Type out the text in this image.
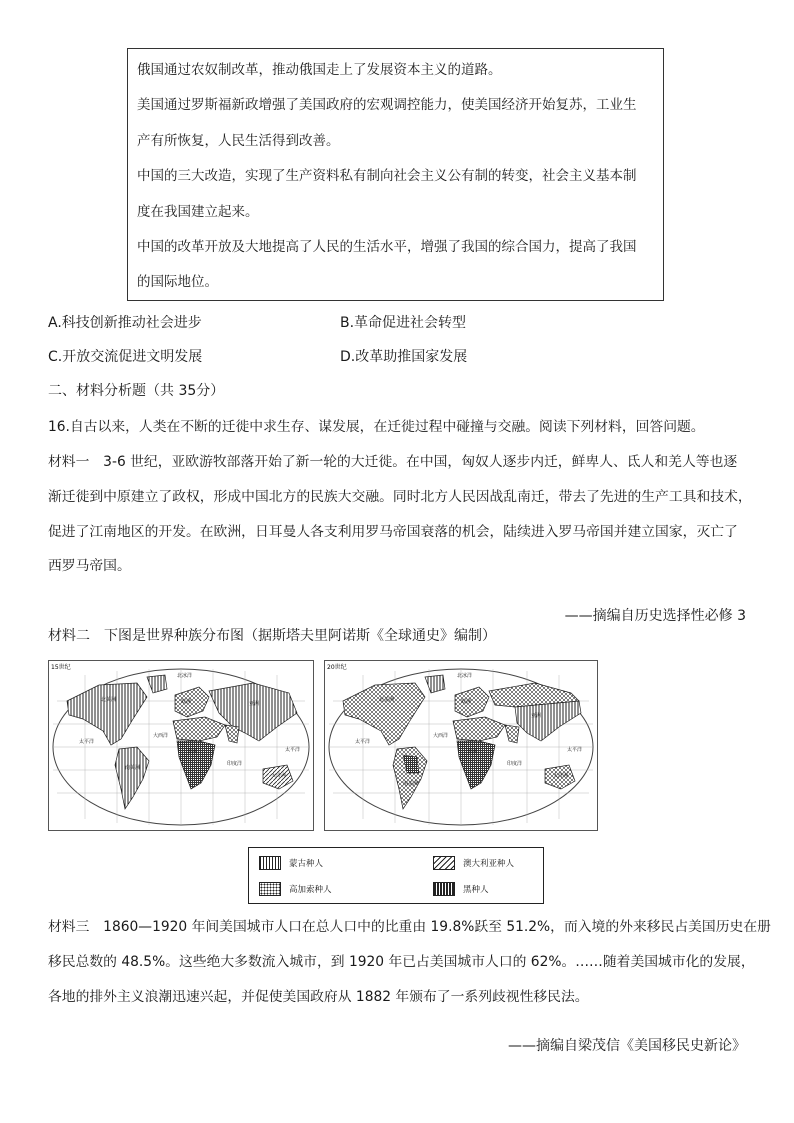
俄国通过农奴制改革，推动俄国走上了发展资本主义的道路。

美国通过罗斯福新政增强了美国政府的宏观调控能力，使美国经济开始复苏，工业生

产有所恢复，人民生活得到改善。

中国的三大改造，实现了生产资料私有制向社会主义公有制的转变，社会主义基本制

度在我国建立起来。

中国的改革开放及大地提高了人民的生活水平，增强了我国的综合国力，提高了我国

的国际地位。

A.科技创新推动社会进步	B.革命促进社会转型

C.开放交流促进文明发展	D.改革助推国家发展

二、材料分析题（共 35分）

16.自古以来，人类在不断的迁徙中求生存、谋发展，在迁徙过程中碰撞与交融。阅读下列材料，回答问题。

材料一　3-6 世纪，亚欧游牧部落开始了新一轮的大迁徙。在中国，匈奴人逐步内迁，鲜卑人、氐人和羌人等也逐

渐迁徙到中原建立了政权，形成中国北方的民族大交融。同时北方人民因战乱南迁，带去了先进的生产工具和技术，

促进了江南地区的开发。在欧洲，日耳曼人各支利用罗马帝国衰落的机会，陆续进入罗马帝国并建立国家，灭亡了

西罗马帝国。

——摘编自历史选择性必修 3

材料二　下图是世界种族分布图（据斯塔夫里阿诺斯《全球通史》编制）

15世纪
北美洲
南美洲
欧洲
非洲
亚洲
大洋洲
北冰洋
太平洋
大西洋
印度洋
太平洋
20世纪
北美洲
南美洲
欧洲
非洲
亚洲
大洋洲
北冰洋
太平洋
大西洋
印度洋
太平洋
蒙古种人	澳大利亚种人
高加索种人	黑种人

材料三　1860—1920 年间美国城市人口在总人口中的比重由 19.8%跃至 51.2%，而入境的外来移民占美国历史在册

移民总数的 48.5%。这些绝大多数流入城市，到 1920 年已占美国城市人口的 62%。……随着美国城市化的发展，

各地的排外主义浪潮迅速兴起，并促使美国政府从 1882 年颁布了一系列歧视性移民法。

——摘编自梁茂信《美国移民史新论》
